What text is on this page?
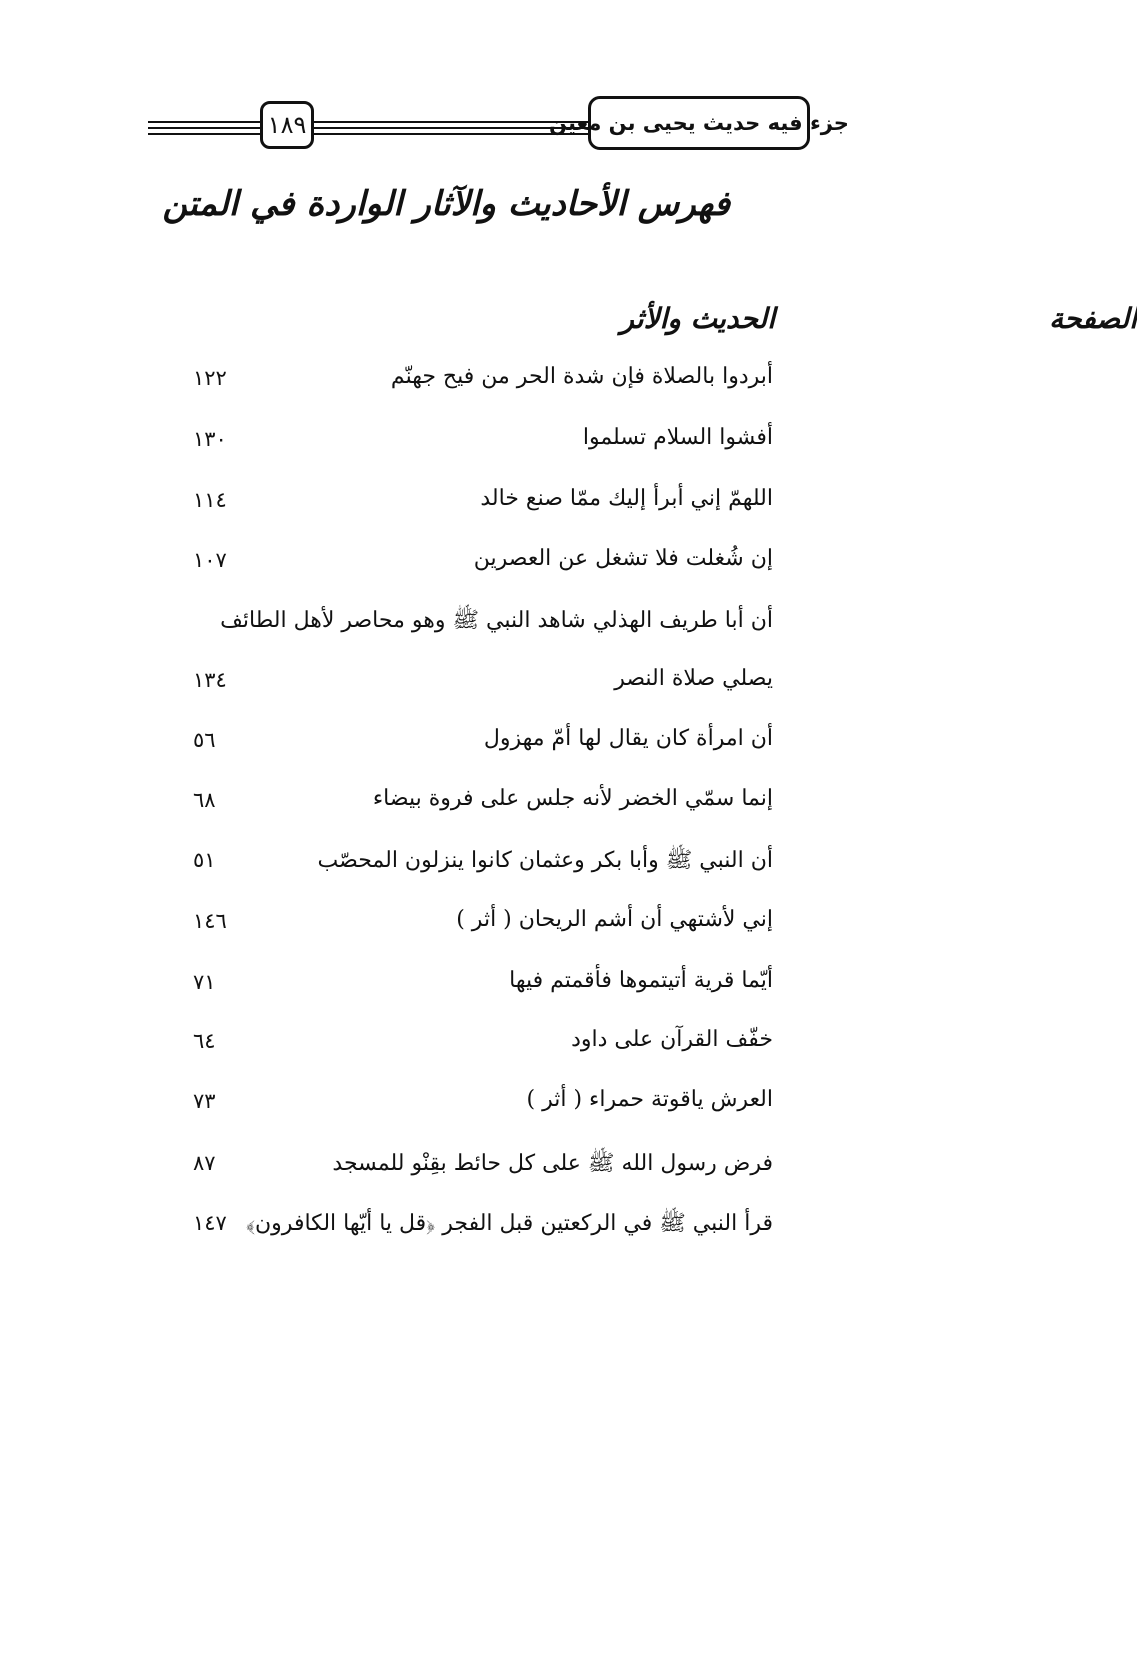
١٨٩	جزء فيه حديث يحيى بن معين
فهرس الأحاديث والآثار الواردة في المتن
الحديث والأثر	الصفحة
أبردوا بالصلاة فإن شدة الحر من فيح جهنّم
١٢٢
أفشوا السلام تسلموا
١٣٠
اللهمّ إني أبرأ إليك ممّا صنع خالد
١١٤
إن شُغلت فلا تشغل عن العصرين
١٠٧
أن أبا طريف الهذلي شاهد النبي ﷺ وهو محاصر لأهل الطائف
يصلي صلاة النصر
١٣٤
أن امرأة كان يقال لها أمّ مهزول
٥٦
إنما سمّي الخضر لأنه جلس على فروة بيضاء
٦٨
أن النبي ﷺ وأبا بكر وعثمان كانوا ينزلون المحصّب
٥١
إني لأشتهي أن أشم الريحان ( أثر )
١٤٦
أيّما قرية أتيتموها فأقمتم فيها
٧١
خفّف القرآن على داود
٦٤
العرش ياقوتة حمراء ( أثر )
٧٣
فرض رسول الله ﷺ على كل حائط بقِنْو للمسجد
٨٧
قرأ النبي ﷺ في الركعتين قبل الفجر ﴿قل يا أيّها الكافرون﴾
١٤٧
